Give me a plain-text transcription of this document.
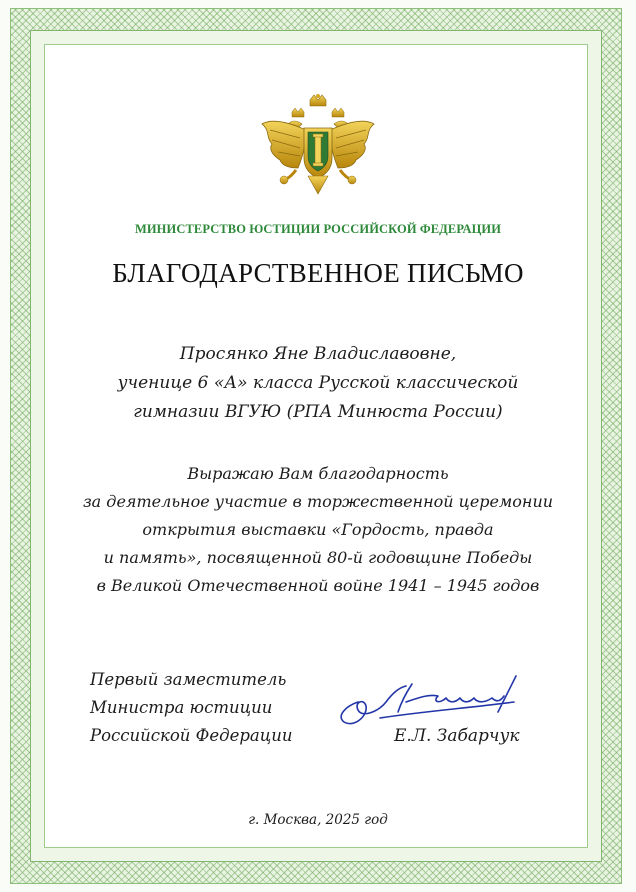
МИНИСТЕРСТВО ЮСТИЦИИ РОССИЙСКОЙ ФЕДЕРАЦИИ
БЛАГОДАРСТВЕННОЕ ПИСЬМО
Просянко Яне Владиславовне,
ученице 6 «А» класса Русской классической
гимназии ВГУЮ (РПА Минюста России)
Выражаю Вам благодарность
за деятельное участие в торжественной церемонии
открытия выставки «Гордость, правда
и память», посвященной 80-й годовщине Победы
в Великой Отечественной войне 1941 – 1945 годов
Первый заместитель
Министра юстиции
Российской Федерации	Е.Л. Забарчук
г. Москва, 2025 год
